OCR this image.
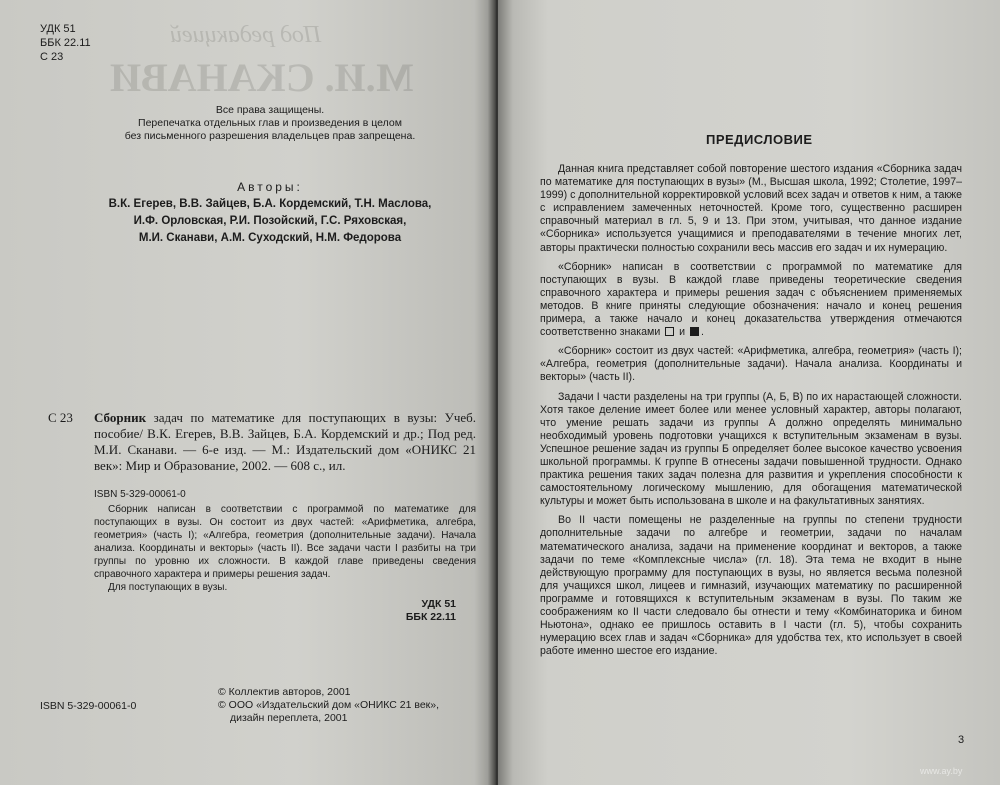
Под редакцией
М.И. СКАНАВИ
УДК 51
ББК 22.11
С 23
Все права защищены.
Перепечатка отдельных глав и произведения в целом
без письменного разрешения владельцев прав запрещена.
Авторы:
В.К. Егерев, В.В. Зайцев, Б.А. Кордемский, Т.Н. Маслова,
И.Ф. Орловская, Р.И. Позойский, Г.С. Ряховская,
М.И. Сканави, А.М. Суходский, Н.М. Федорова
С 23 Сборник задач по математике для поступающих в вузы: Учеб. пособие/ В.К. Егерев, В.В. Зайцев, Б.А. Кордемский и др.; Под ред. М.И. Сканави. — 6-е изд. — М.: Издательский дом «ОНИКС 21 век»: Мир и Образование, 2002. — 608 с., ил.
ISBN 5-329-00061-0

Сборник написан в соответствии с программой по математике для поступающих в вузы. Он состоит из двух частей: «Арифметика, алгебра, геометрия» (часть I); «Алгебра, геометрия (дополнительные задачи). Начала анализа. Координаты и векторы» (часть II). Все задачи части I разбиты на три группы по уровню их сложности. В каждой главе приведены сведения справочного характера и примеры решения задач.

Для поступающих в вузы.

УДК 51
ББК 22.11
ISBN 5-329-00061-0
© Коллектив авторов, 2001
© ООО «Издательский дом «ОНИКС 21 век»,
дизайн переплета, 2001
ПРЕДИСЛОВИЕ

Данная книга представляет собой повторение шестого издания «Сборника задач по математике для поступающих в вузы» (М., Высшая школа, 1992; Столетие, 1997–1999) с дополнительной корректировкой условий всех задач и ответов к ним, а также с исправлением замеченных неточностей. Кроме того, существенно расширен справочный материал в гл. 5, 9 и 13. При этом, учитывая, что данное издание «Сборника» используется учащимися и преподавателями в течение многих лет, авторы практически полностью сохранили весь массив его задач и их нумерацию.

«Сборник» написан в соответствии с программой по математике для поступающих в вузы. В каждой главе приведены теоретические сведения справочного характера и примеры решения задач с объяснением применяемых методов. В книге приняты следующие обозначения: начало и конец решения примера, а также начало и конец доказательства утверждения отмечаются соответственно знаками и .

«Сборник» состоит из двух частей: «Арифметика, алгебра, геометрия» (часть I); «Алгебра, геометрия (дополнительные задачи). Начала анализа. Координаты и векторы» (часть II).

Задачи I части разделены на три группы (А, Б, В) по их нарастающей сложности. Хотя такое деление имеет более или менее условный характер, авторы полагают, что умение решать задачи из группы А должно определять минимально необходимый уровень подготовки учащихся к вступительным экзаменам в вузы. Успешное решение задач из группы Б определяет более высокое качество усвоения школьной программы. К группе В отнесены задачи повышенной трудности. Однако практика решения таких задач полезна для развития и укрепления способности к самостоятельному логическому мышлению, для обогащения математической культуры и может быть использована в школе и на факультативных занятиях.

Во II части помещены не разделенные на группы по степени трудности дополнительные задачи по алгебре и геометрии, задачи по началам математического анализа, задачи на применение координат и векторов, а также задачи по теме «Комплексные числа» (гл. 18). Эта тема не входит в ныне действующую программу для поступающих в вузы, но является весьма полезной для учащихся школ, лицеев и гимназий, изучающих математику по расширенной программе и готовящихся к вступительным экзаменам в вузы. По таким же соображениям ко II части следовало бы отнести и тему «Комбинаторика и бином Ньютона», однако ее пришлось оставить в I части (гл. 5), чтобы сохранить нумерацию всех глав и задач «Сборника» для удобства тех, кто использует в своей работе именно шестое его издание.

3
www.ay.by
